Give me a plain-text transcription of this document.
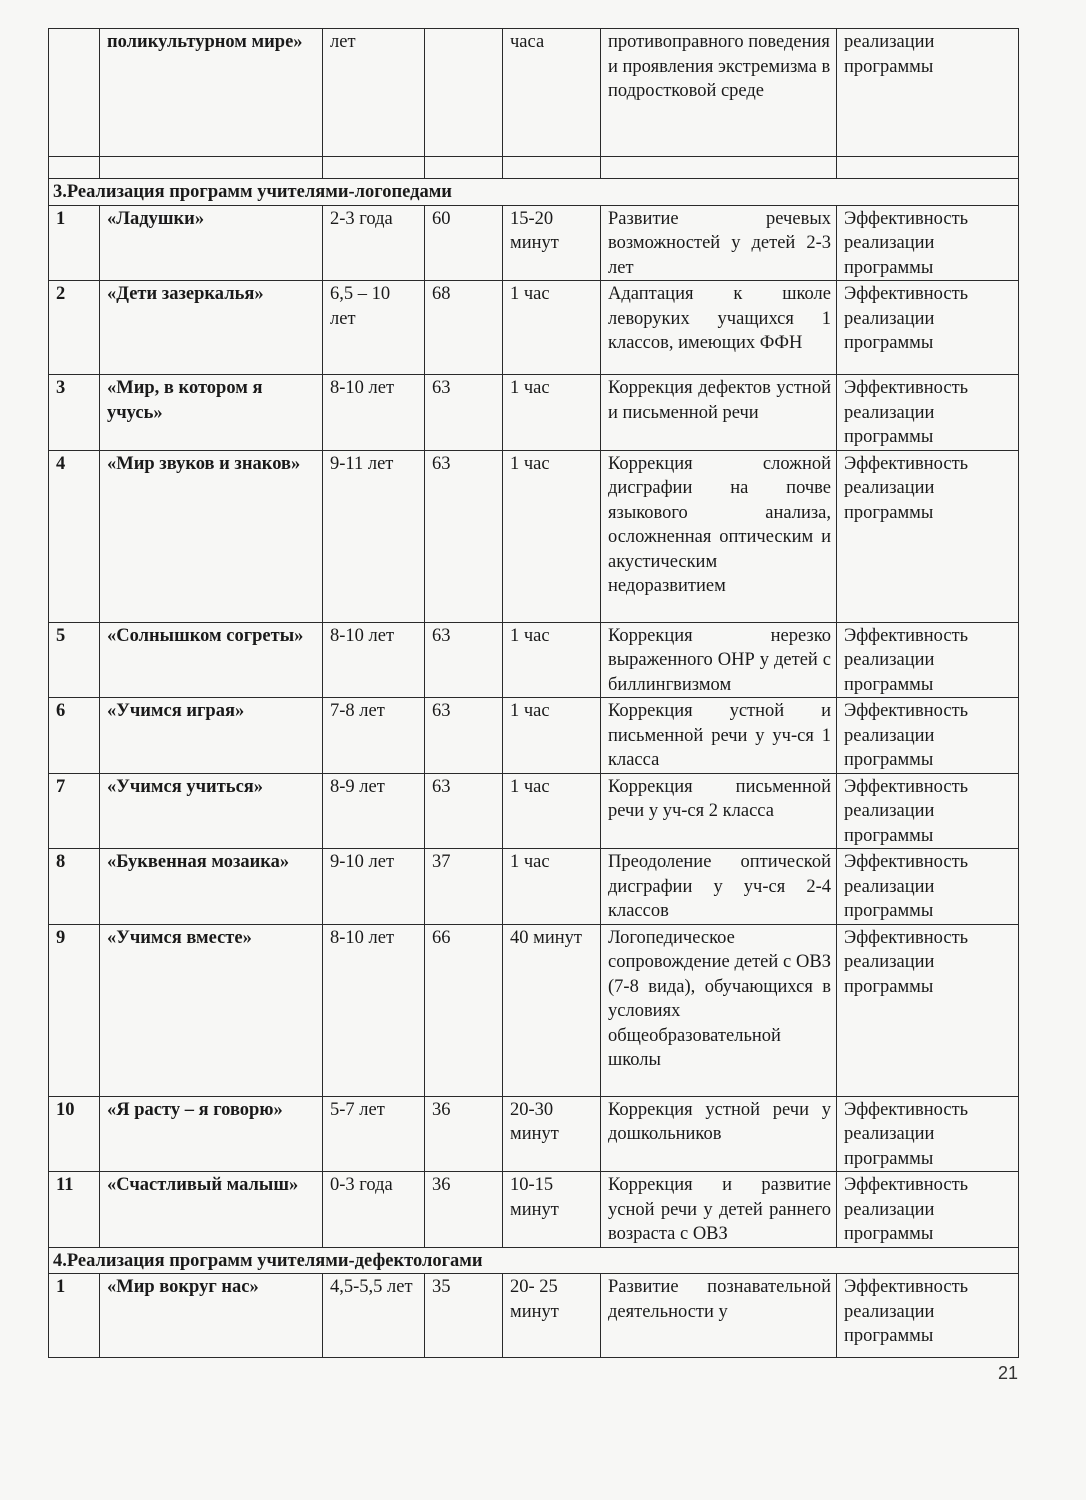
	поликультурном мире»	лет		часа	противоправного поведения и проявления экстремизма в подростковой среде	реализации программы

3.Реализация программ учителями-логопедами						
1	«Ладушки»	2-3 года	60	15-20 минут	Развитие речевых возможностей у детей 2-3 лет	Эффективность реализации программы
2	«Дети зазеркалья»	6,5 – 10 лет	68	1 час	Адаптация к школе леворуких учащихся 1 классов, имеющих ФФН	Эффективность реализации программы
3	«Мир, в котором я учусь»	8-10 лет	63	1 час	Коррекция дефектов устной и письменной речи	Эффективность реализации программы
4	«Мир звуков и знаков»	9-11 лет	63	1 час	Коррекция сложной дисграфии на почве языкового анализа, осложненная оптическим и акустическим недоразвитием	Эффективность реализации программы
5	«Солнышком согреты»	8-10 лет	63	1 час	Коррекция нерезко выраженного ОНР у детей с биллингвизмом	Эффективность реализации программы
6	«Учимся играя»	7-8 лет	63	1 час	Коррекция устной и письменной речи у уч-ся 1 класса	Эффективность реализации программы
7	«Учимся учиться»	8-9 лет	63	1 час	Коррекция письменной речи у уч-ся 2 класса	Эффективность реализации программы
8	«Буквенная мозаика»	9-10 лет	37	1 час	Преодоление оптической дисграфии у уч-ся 2-4 классов	Эффективность реализации программы
9	«Учимся вместе»	8-10 лет	66	40 минут	Логопедическое сопровождение детей с ОВЗ (7-8 вида), обучающихся в условиях общеобразовательной школы	Эффективность реализации программы
10	«Я расту – я говорю»	5-7 лет	36	20-30 минут	Коррекция устной речи у дошкольников	Эффективность реализации программы
11	«Счастливый малыш»	0-3 года	36	10-15 минут	Коррекция и развитие усной речи у детей раннего возраста с ОВЗ	Эффективность реализации программы
4.Реализация программ учителями-дефектологами						
1	«Мир вокруг нас»	4,5-5,5 лет	35	20- 25 минут	Развитие познавательной деятельности у	Эффективность реализации программы
21
